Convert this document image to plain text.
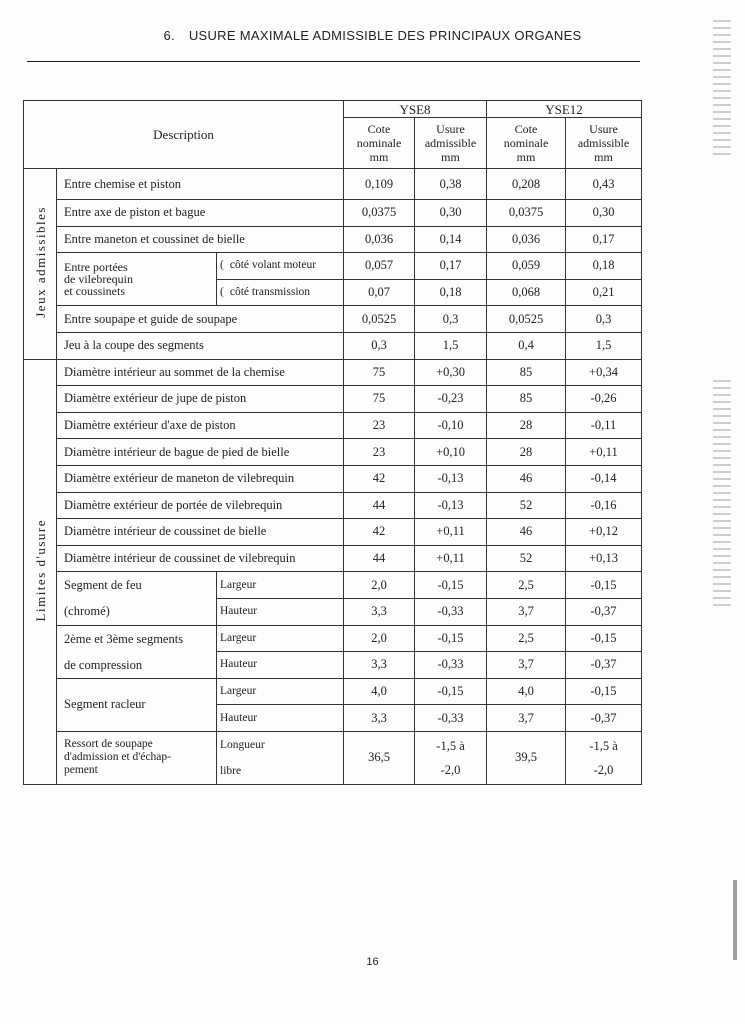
6. USURE MAXIMALE ADMISSIBLE DES PRINCIPAUX ORGANES
Description			YSE8		YSE12	
			Cote
nominale
mm	Usure
admissible
mm	Cote
nominale
mm	Usure
admissible
mm
Jeux admissibles	Entre chemise et piston		0,109	0,38	0,208	0,43
	Entre axe de piston et bague		0,0375	0,30	0,0375	0,30
	Entre maneton et coussinet de bielle		0,036	0,14	0,036	0,17
	Entre portées
de vilebrequin
et coussinets	( côté volant moteur	0,057	0,17	0,059	0,18
		( côté transmission	0,07	0,18	0,068	0,21
	Entre soupape et guide de soupape		0,0525	0,3	0,0525	0,3
	Jeu à la coupe des segments		0,3	1,5	0,4	1,5
Limites d'usure	Diamètre intérieur au sommet de la chemise		75	+0,30	85	+0,34
	Diamètre extérieur de jupe de piston		75	-0,23	85	-0,26
	Diamètre extérieur d'axe de piston		23	-0,10	28	-0,11
	Diamètre intérieur de bague de pied de bielle		23	+0,10	28	+0,11
	Diamètre extérieur de maneton de vilebrequin		42	-0,13	46	-0,14
	Diamètre extérieur de portée de vilebrequin		44	-0,13	52	-0,16
	Diamètre intérieur de coussinet de bielle		42	+0,11	46	+0,12
	Diamètre intérieur de coussinet de vilebrequin		44	+0,11	52	+0,13
	Segment de feu
(chromé)	Largeur	2,0	-0,15	2,5	-0,15
		Hauteur	3,3	-0,33	3,7	-0,37
	2ème et 3ème segments
de compression	Largeur	2,0	-0,15	2,5	-0,15
		Hauteur	3,3	-0,33	3,7	-0,37
	Segment racleur	Largeur	4,0	-0,15	4,0	-0,15
		Hauteur	3,3	-0,33	3,7	-0,37
	Ressort de soupape
d'admission et d'échap-
pement	Longueur
libre	36,5	-1,5 à
-2,0	39,5	-1,5 à
-2,0
16
